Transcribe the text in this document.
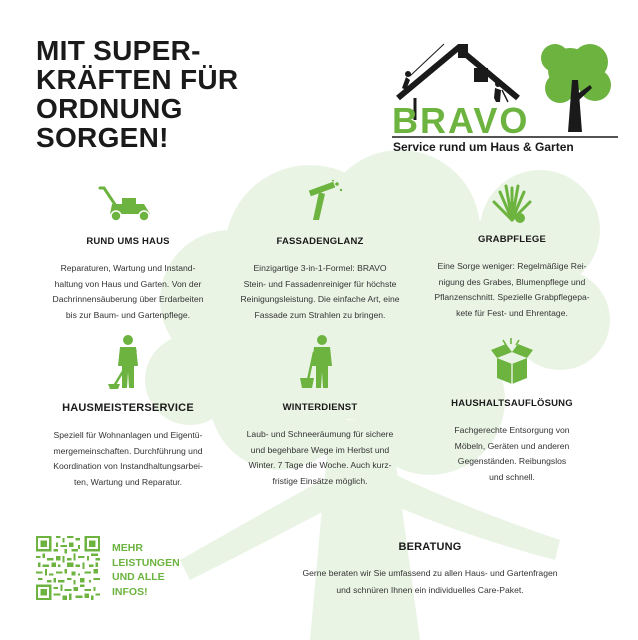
MIT SUPER-
KRÄFTEN FÜR
ORDNUNG
SORGEN!	BRAVO
Service rund um Haus & Garten
RUND UMS HAUS

Reparaturen, Wartung und Instand-

haltung von Haus und Garten. Von der

Dachrinnensäuberung über Erdarbeiten

bis zur Baum- und Gartenpflege.

FASSADENGLANZ

Einzigartige 3-in-1-Formel: BRAVO

Stein- und Fassadenreiniger für höchste

Reinigungsleistung. Die einfache Art, eine

Fassade zum Strahlen zu bringen.

GRABPFLEGE

Eine Sorge weniger: Regelmäßige Rei-

nigung des Grabes, Blumenpflege und

Pflanzenschnitt. Spezielle Grabpflegepa-

kete für Fest- und Ehrentage.

HAUSMEISTERSERVICE

Speziell für Wohnanlagen und Eigentü-

mergemeinschaften. Durchführung und

Koordination von Instandhaltungsarbei-

ten, Wartung und Reparatur.

WINTERDIENST

Laub- und Schneeräumung für sichere

und begehbare Wege im Herbst und

Winter. 7 Tage die Woche. Auch kurz-

fristige Einsätze möglich.

HAUSHALTSAUFLÖSUNG

Fachgerechte Entsorgung von

Möbeln, Geräten und anderen

Gegenständen. Reibungslos

und schnell.

MEHR
LEISTUNGEN
UND ALLE
INFOS!
BERATUNG

Gerne beraten wir Sie umfassend zu allen Haus- und Gartenfragen

und schnüren Ihnen ein individuelles Care-Paket.
